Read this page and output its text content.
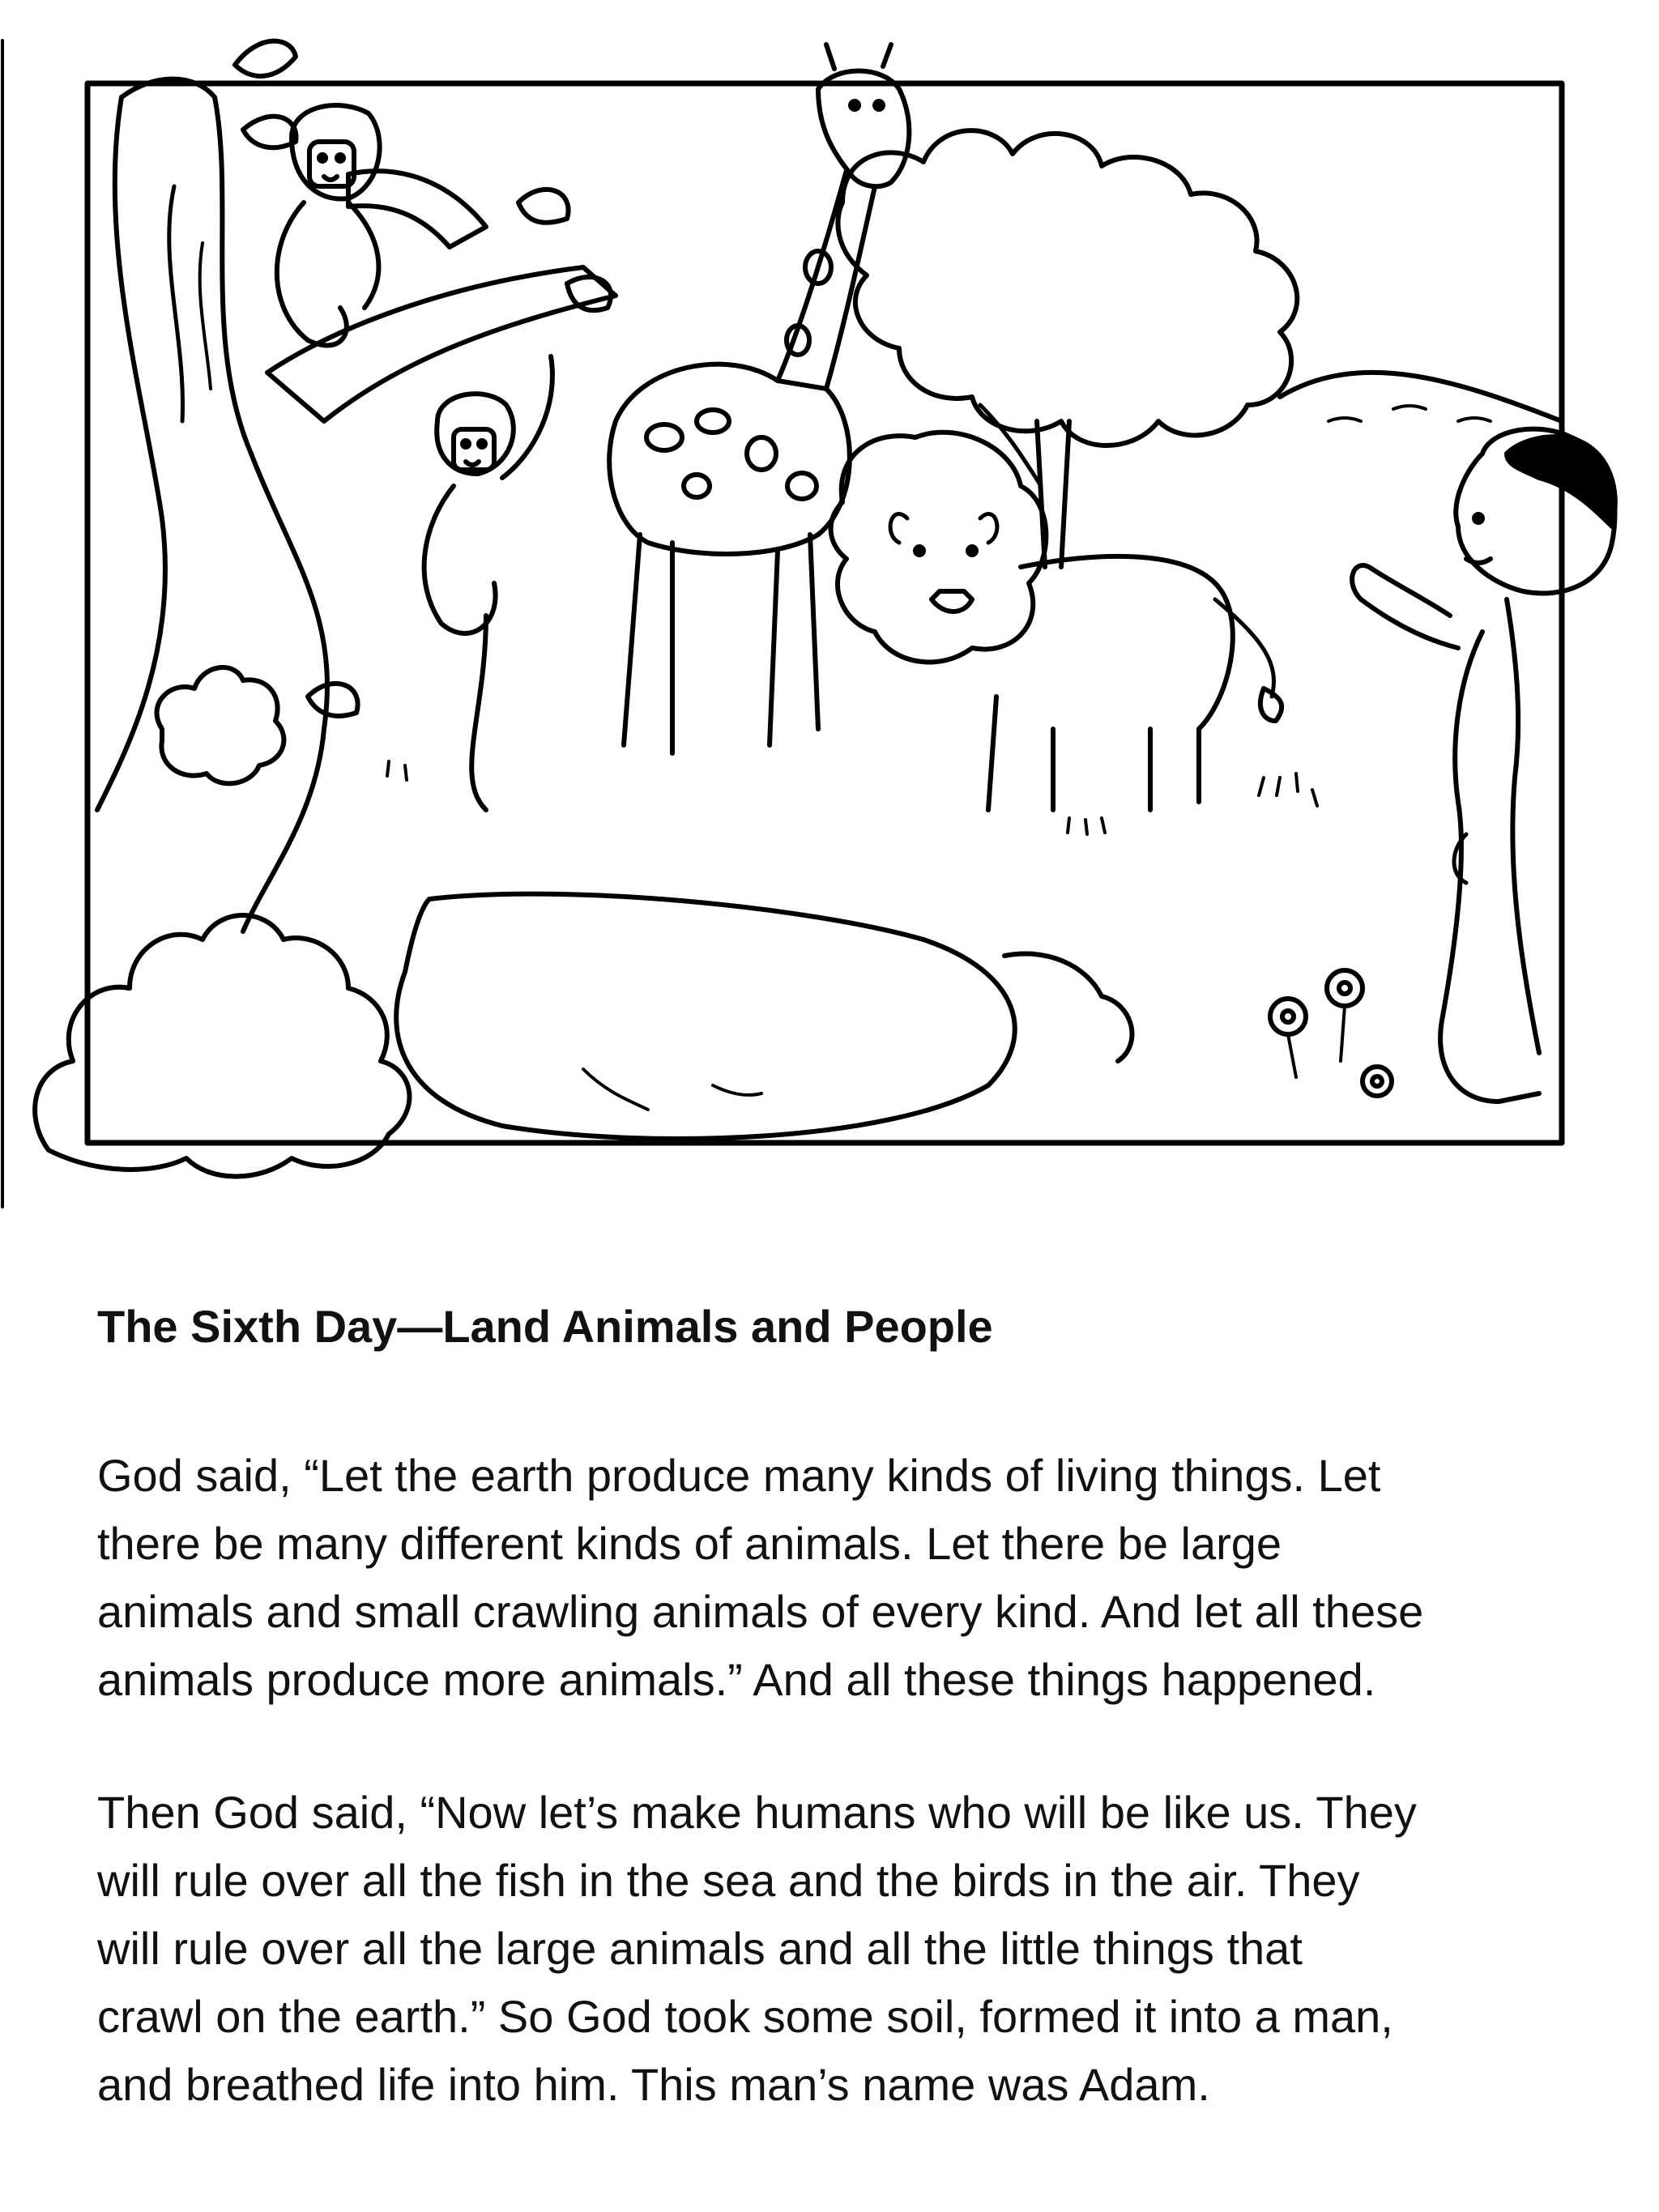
The Sixth Day—Land Animals and People

God said, “Let the earth produce many kinds of living things. Let
there be many different kinds of animals. Let there be large
animals and small crawling animals of every kind. And let all these
animals produce more animals.” And all these things happened.

Then God said, “Now let’s make humans who will be like us. They
will rule over all the fish in the sea and the birds in the air. They
will rule over all the large animals and all the little things that
crawl on the earth.” So God took some soil, formed it into a man,
and breathed life into him. This man’s name was Adam.
